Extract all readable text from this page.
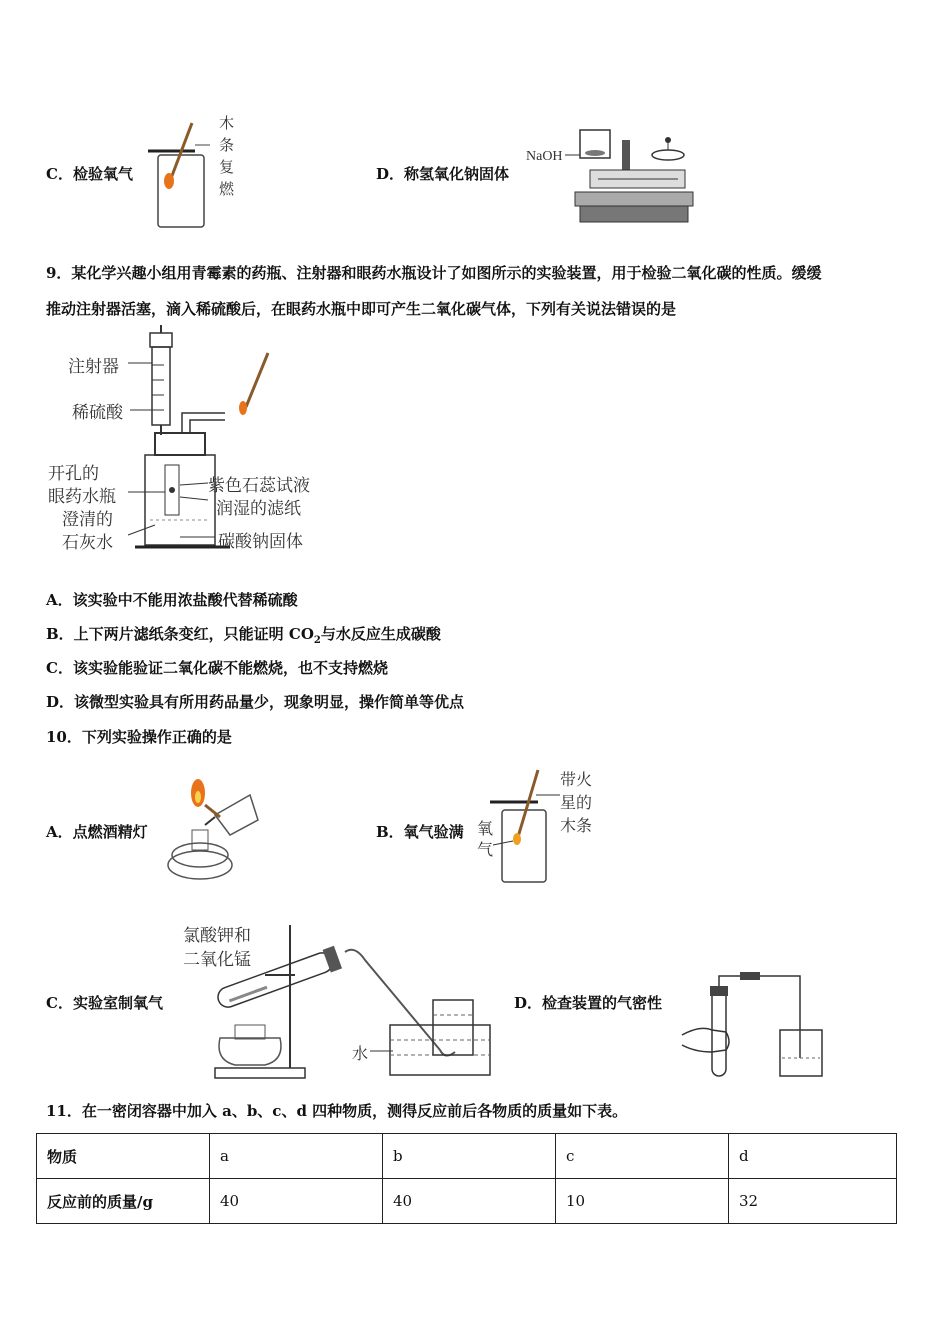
木
条
复
燃
C．检验氧气	D．称氢氧化钠固体
NaOH
9．某化学兴趣小组用青霉素的药瓶、注射器和眼药水瓶设计了如图所示的实验装置，用于检验二氧化碳的性质。缓缓
推动注射器活塞，滴入稀硫酸后，在眼药水瓶中即可产生二氧化碳气体，下列有关说法错误的是
注射器
稀硫酸
开孔的
眼药水瓶
澄清的
石灰水
紫色石蕊试液
润湿的滤纸
碳酸钠固体
A．该实验中不能用浓盐酸代替稀硫酸
B．上下两片滤纸条变红，只能证明 $CO_2$与水反应生成碳酸
C．该实验能验证二氧化碳不能燃烧，也不支持燃烧
D．该微型实验具有所用药品量少，现象明显，操作简单等优点
10．下列实验操作正确的是
A．点燃酒精灯	B．氧气验满 氧
气
带火
星的
木条
C．实验室制氧气
氯酸钾和
二氧化锰
水
D．检查装置的气密性
11．在一密闭容器中加入 a、b、c、d 四种物质，测得反应前后各物质的质量如下表。
物质	a	b	c	d
反应前的质量/g	40	40	10	32
